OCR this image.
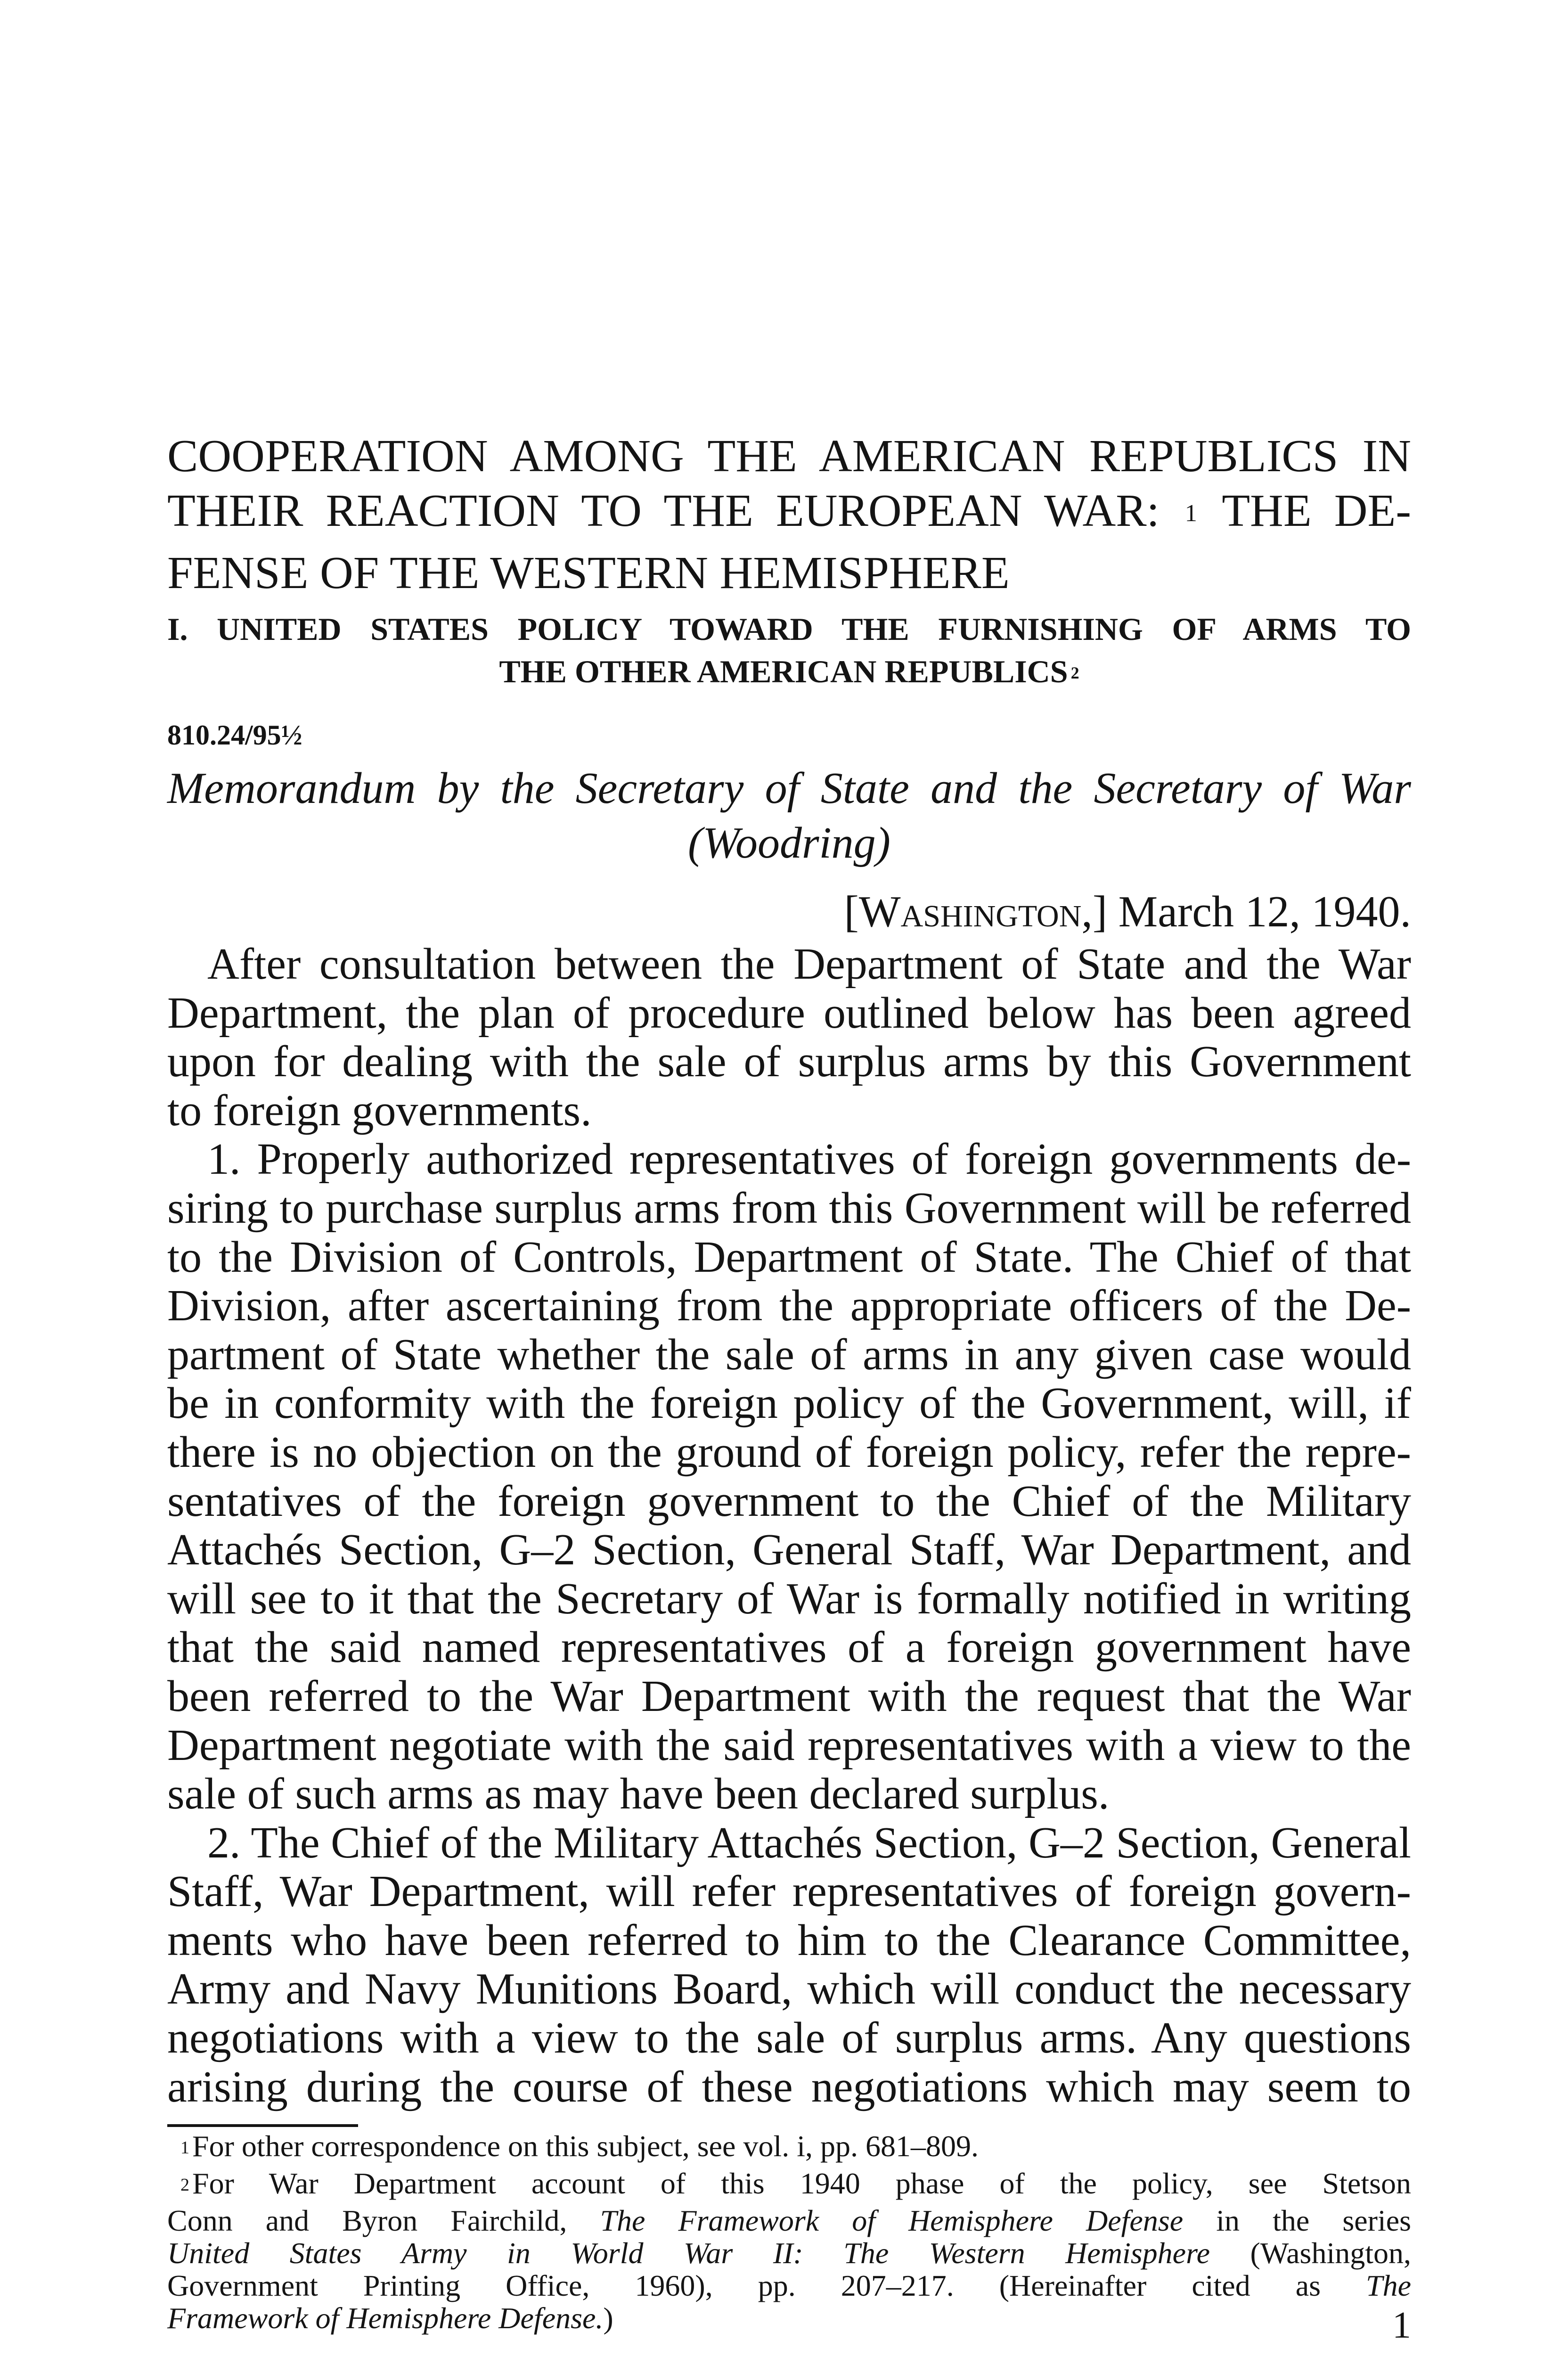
COOPERATION AMONG THE AMERICAN REPUBLICS IN
THEIR REACTION TO THE EUROPEAN WAR: $^1$ THE DE-
FENSE OF THE WESTERN HEMISPHERE
I. UNITED STATES POLICY TOWARD THE FURNISHING OF ARMS TO
THE OTHER AMERICAN REPUBLICS $^2$
810.24/95½
Memorandum by the Secretary of State and the Secretary of War
(Woodring)
[Washington,] March 12, 1940.
After consultation between the Department of State and the War
Department, the plan of procedure outlined below has been agreed
upon for dealing with the sale of surplus arms by this Government
to foreign governments.
1. Properly authorized representatives of foreign governments de-
siring to purchase surplus arms from this Government will be referred
to the Division of Controls, Department of State. The Chief of that
Division, after ascertaining from the appropriate officers of the De-
partment of State whether the sale of arms in any given case would
be in conformity with the foreign policy of the Government, will, if
there is no objection on the ground of foreign policy, refer the repre-
sentatives of the foreign government to the Chief of the Military
Attachés Section, G–2 Section, General Staff, War Department, and
will see to it that the Secretary of War is formally notified in writing
that the said named representatives of a foreign government have
been referred to the War Department with the request that the War
Department negotiate with the said representatives with a view to the
sale of such arms as may have been declared surplus.
2. The Chief of the Military Attachés Section, G–2 Section, General
Staff, War Department, will refer representatives of foreign govern-
ments who have been referred to him to the Clearance Committee,
Army and Navy Munitions Board, which will conduct the necessary
negotiations with a view to the sale of surplus arms. Any questions
arising during the course of these negotiations which may seem to
$^1$For other correspondence on this subject, see vol. i, pp. 681–809.
$^2$For War Department account of this 1940 phase of the policy, see Stetson
Conn and Byron Fairchild, The Framework of Hemisphere Defense in the series
United States Army in World War II: The Western Hemisphere (Washington,
Government Printing Office, 1960), pp. 207–217. (Hereinafter cited as The
Framework of Hemisphere Defense.)	1
